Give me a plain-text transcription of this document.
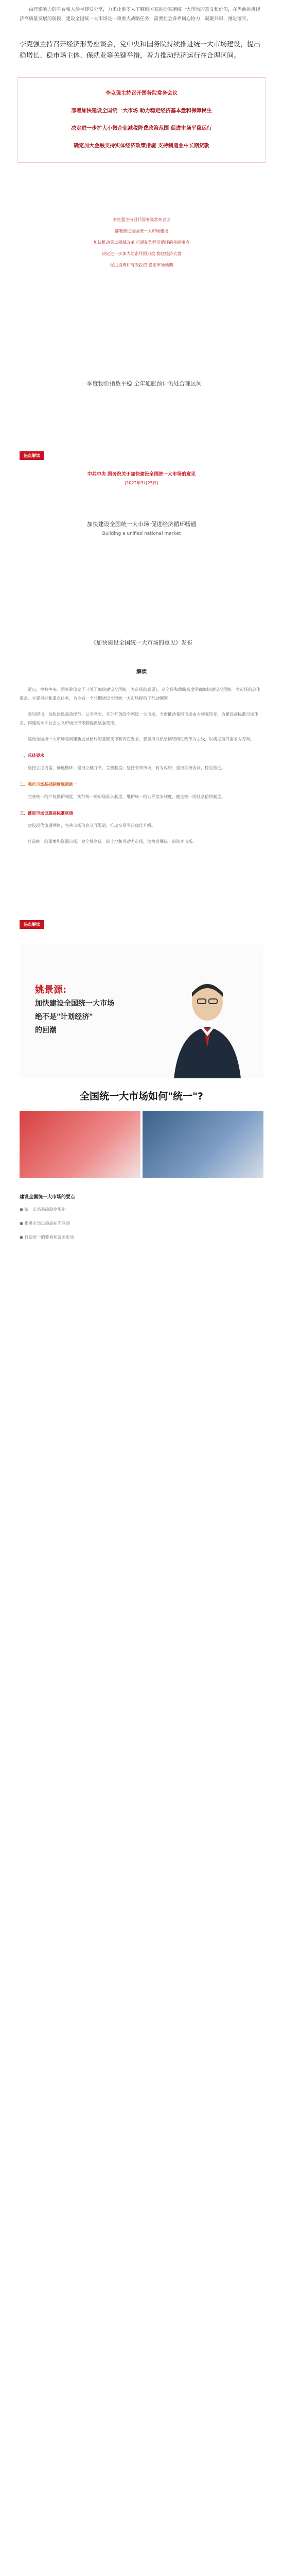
由有影响力的平台和人参与转发分享，力求让更多人了解到国家推动实施统一大市场的意义和价值，在当前推进经济高质量发展的阶段，建设全国统一大市场是一项重大战略任务，需要社会各界同心协力，凝聚共识，推进落实。

李克强主持召开经济形势座谈会，党中央和国务院持续推进统一大市场建设，提出稳增长、稳市场主体、保就业等关键举措，着力推动经济运行在合理区间。

李克强主持召开国务院常务会议
部署加快建设全国统一大市场 助力稳定经济基本盘和保障民生
决定进一步扩大小微企业减税降费政策范围 促进市场平稳运行
确定加大金融支持实体经济政策措施 支持制造业中长期贷款
李克强主持召开国务院常务会议
部署推进全国统一大市场建设
加快推动重点领域改革 打通制约经济循环的关键堵点
决定进一步加大助企纾困力度 稳住经济大盘
促进消费和有效投资 稳定市场预期

一季度物价指数平稳 全年通胀预计仍处合理区间

热点解读

中共中央 国务院关于加快建设全国统一大市场的意见

(2022年3月25日)

加快建设全国统一大市场 促进经济循环畅通
Building a unified national market

《加快建设全国统一大市场的意见》发布

解读

近日，中共中央、国务院印发了《关于加快建设全国统一大市场的意见》，从全局和战略高度明确加快建设全国统一大市场的总体要求、主要目标和重点任务，为今后一个时期建设全国统一大市场提供了行动纲领。

意见提出，加快建设高效规范、公平竞争、充分开放的全国统一大市场，全面推动我国市场由大到强转变，为建设高标准市场体系、构建高水平社会主义市场经济体制提供坚强支撑。

建设全国统一大市场是构建新发展格局的基础支撑和内在要求，要坚持以供给侧结构性改革为主线，以满足最终需求为方向。

一、总体要求

坚持立足内需，畅通循环；坚持立破并举，完善制度；坚持有效市场，有为政府；坚持系统协同，稳妥推进。

二、强化市场基础制度规则统一

完善统一的产权保护制度，实行统一的市场准入制度，维护统一的公平竞争制度，健全统一的社会信用制度。

三、推进市场设施高标准联通

建设现代流通网络，完善市场信息交互渠道，推动交易平台优化升级。

打造统一的要素和资源市场，健全城乡统一的土地和劳动力市场，加快发展统一的资本市场。

热点解读
姚景源:
加快建设全国统一大市场
绝不是"计划经济"
的回潮
全国统一大市场如何"统一"?
建设全国统一大市场的要点

● 统一市场基础制度规则

● 推进市场设施高标准联通

● 打造统一的要素和资源市场
